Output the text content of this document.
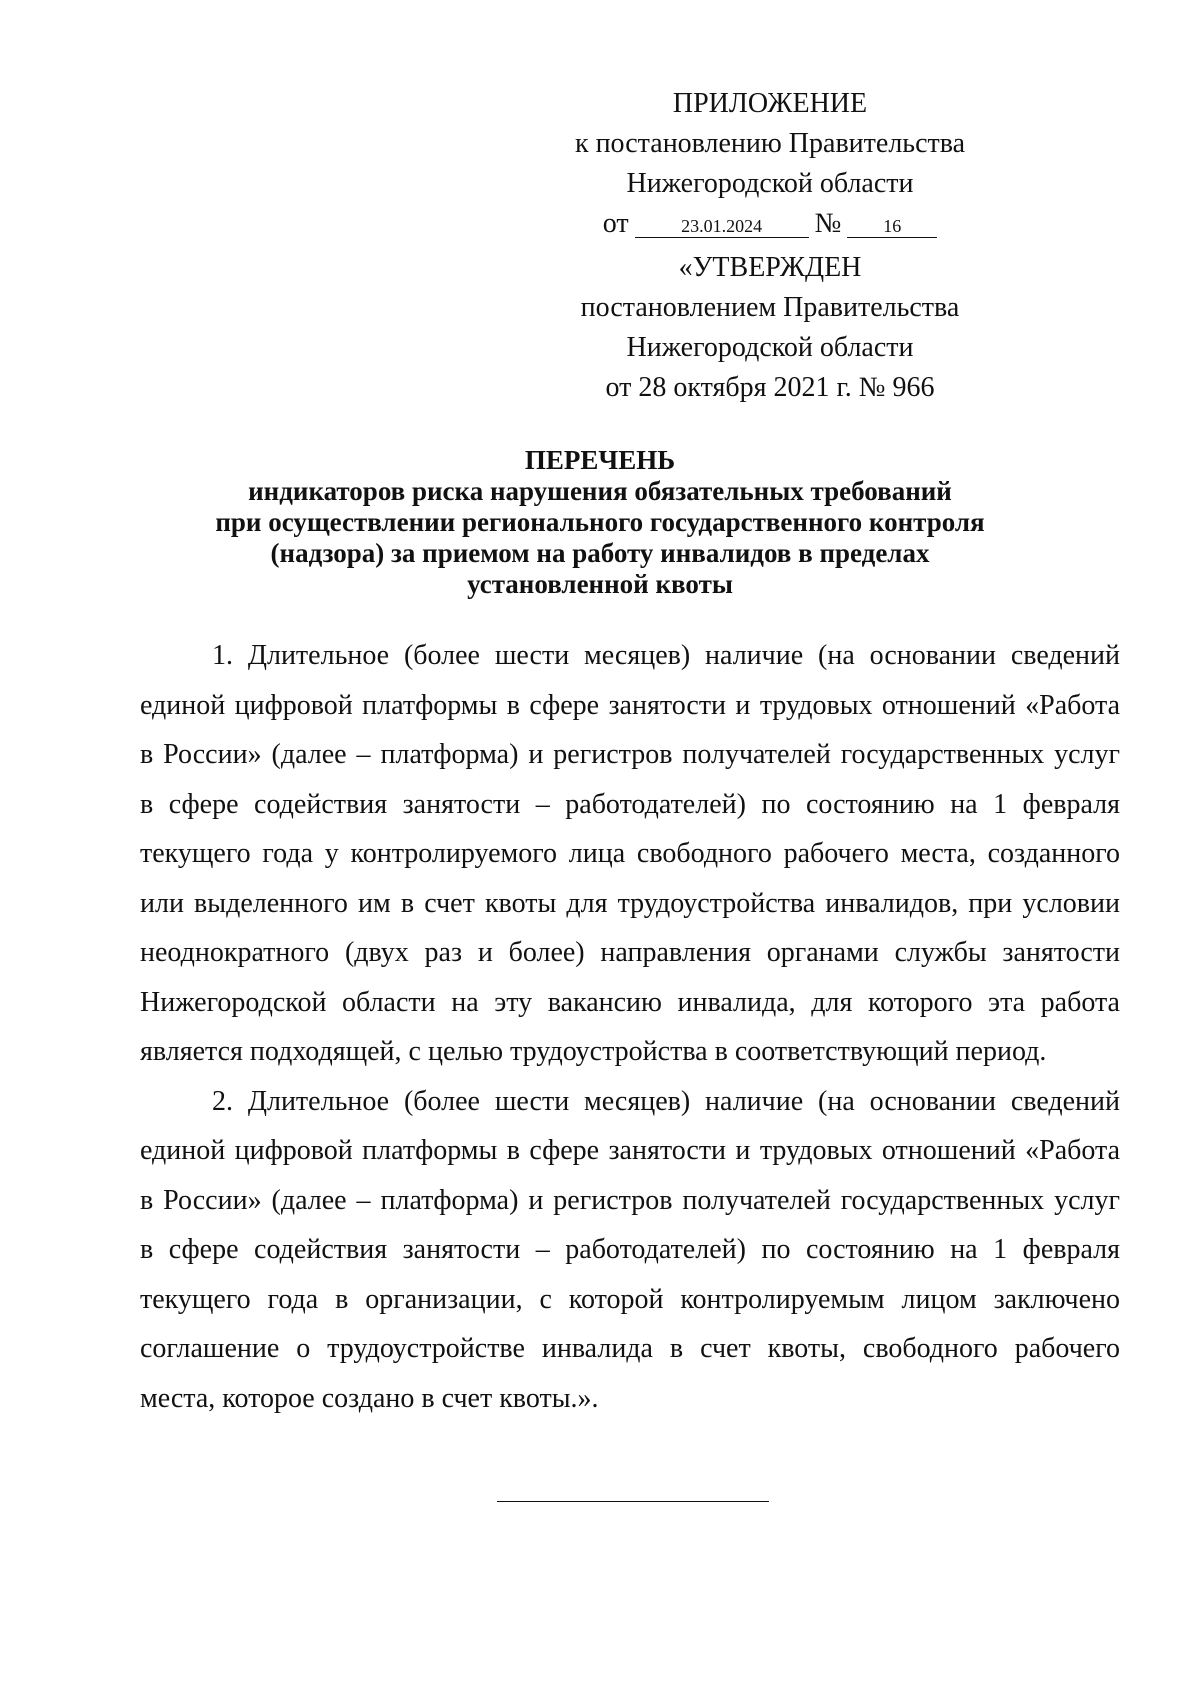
ПРИЛОЖЕНИЕ
к постановлению Правительства
Нижегородской области
от	23.01.2024	№	16
«УТВЕРЖДЕН
постановлением Правительства
Нижегородской области
от 28 октября 2021 г. № 966
ПЕРЕЧЕНЬ
индикаторов риска нарушения обязательных требований
при осуществлении регионального государственного контроля
(надзора) за приемом на работу инвалидов в пределах
установленной квоты
1. Длительное (более шести месяцев) наличие (на основании сведений
единой цифровой платформы в сфере занятости и трудовых отношений «Работа
в России» (далее – платформа) и регистров получателей государственных услуг
в сфере содействия занятости – работодателей) по состоянию на 1 февраля
текущего года у контролируемого лица свободного рабочего места, созданного
или выделенного им в счет квоты для трудоустройства инвалидов, при условии
неоднократного (двух раз и более) направления органами службы занятости
Нижегородской области на эту вакансию инвалида, для которого эта работа
является подходящей, с целью трудоустройства в соответствующий период.
2. Длительное (более шести месяцев) наличие (на основании сведений
единой цифровой платформы в сфере занятости и трудовых отношений «Работа
в России» (далее – платформа) и регистров получателей государственных услуг
в сфере содействия занятости – работодателей) по состоянию на 1 февраля
текущего года в организации, с которой контролируемым лицом заключено
соглашение о трудоустройстве инвалида в счет квоты, свободного рабочего
места, которое создано в счет квоты.».
